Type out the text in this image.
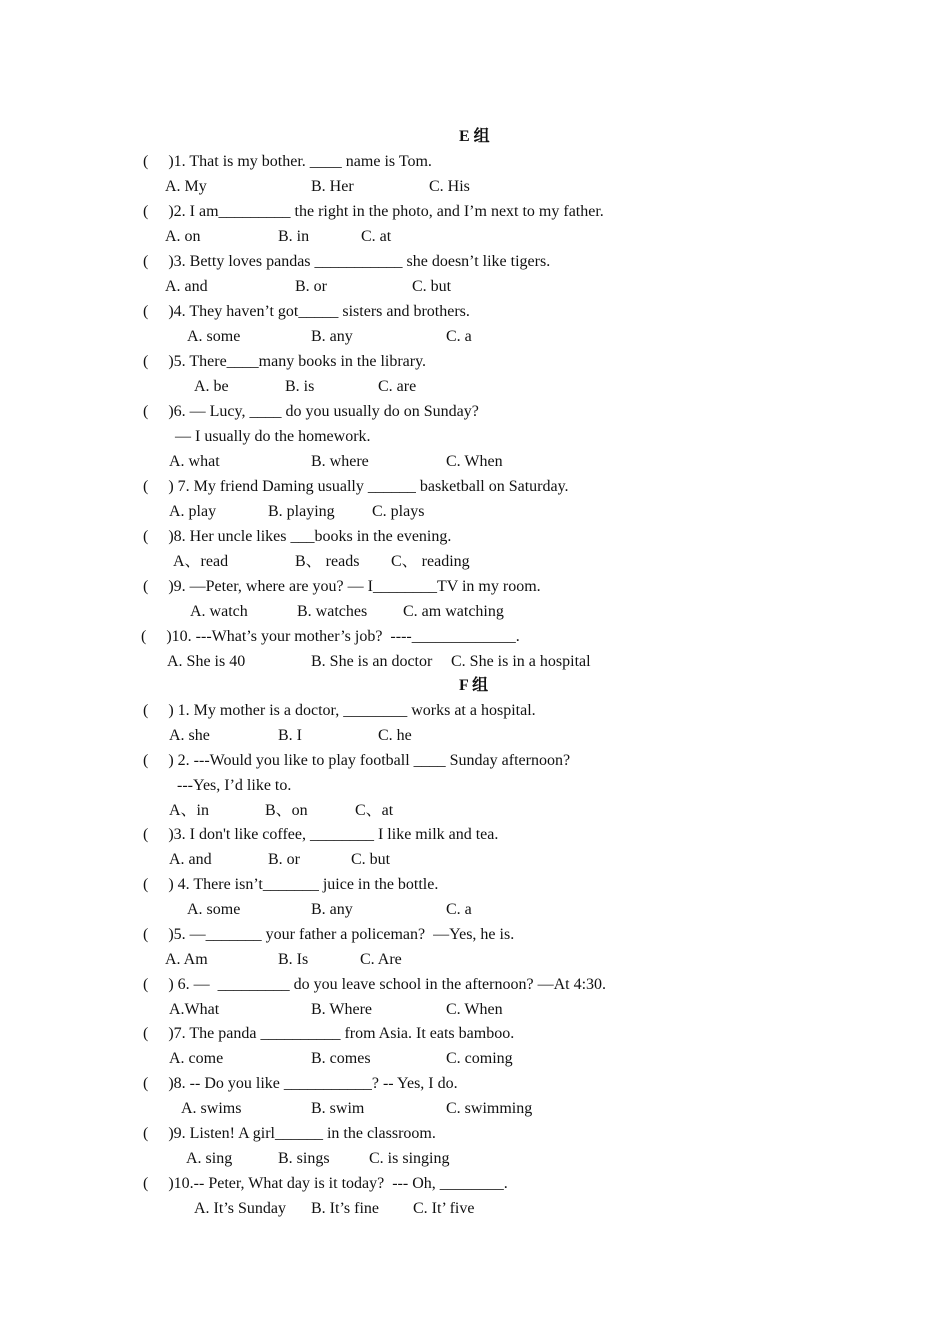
E 组
(     )1. That is my bother. ____ name is Tom.
A. My	B. Her	C. His
(     )2. I am_________ the right in the photo, and I’m next to my father.
A. on	B. in	C. at
(     )3. Betty loves pandas ___________ she doesn’t like tigers.
A. and	B. or	C. but
(     )4. They haven’t got_____ sisters and brothers.
A. some	B. any	C. a
(     )5. There____many books in the library.
A. be	B. is	C. are
(     )6. — Lucy, ____ do you usually do on Sunday?
— I usually do the homework.
A. what	B. where	C. When
(     ) 7. My friend Daming usually ______ basketball on Saturday.
A. play	B. playing C. plays
(     )8. Her uncle likes ___books in the evening.
A、read	B、 reads C、 reading
(     )9. —Peter, where are you? — I________TV in my room.
A. watch	B. watches C. am watching
(     )10. ---What’s your mother’s job?  ----_____________.
A. She is 40	B. She is an doctor C. She is in a hospital
F 组
(     ) 1. My mother is a doctor, ________ works at a hospital.
A. she	B. I	C. he
(     ) 2. ---Would you like to play football ____ Sunday afternoon?
---Yes, I’d like to.
A、in	B、on	C、at
(     )3. I don't like coffee, ________ I like milk and tea.
A. and	B. or	C. but
(     ) 4. There isn’t_______ juice in the bottle.
A. some	B. any	C. a
(     )5. —_______ your father a policeman?  —Yes, he is.
A. Am	B. Is	C. Are
(     ) 6. —  _________ do you leave school in the afternoon? —At 4:30.
A.What	B. Where	C. When
(     )7. The panda __________ from Asia. It eats bamboo.
A. come	B. comes	C. coming
(     )8. -- Do you like ___________? -- Yes, I do.
A. swims	B. swim	C. swimming
(     )9. Listen! A girl______ in the classroom.
A. sing	B. sings C. is singing
(     )10.-- Peter, What day is it today?  --- Oh, ________.
A. It’s Sunday B. It’s fine C. It’ five
